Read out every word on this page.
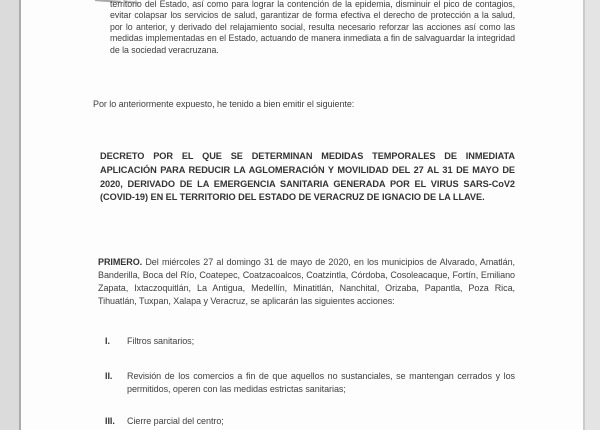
territorio del Estado, así como para lograr la contención de la epidemia, disminuir el pico de contagios, evitar colapsar los servicios de salud, garantizar de forma efectiva el derecho de protección a la salud, por lo anterior, y derivado del relajamiento social, resulta necesario reforzar las acciones así como las medidas implementadas en el Estado, actuando de manera inmediata a fin de salvaguardar la integridad de la sociedad veracruzana.
Por lo anteriormente expuesto, he tenido a bien emitir el siguiente:
DECRETO POR EL QUE SE DETERMINAN MEDIDAS TEMPORALES DE INMEDIATA APLICACIÓN PARA REDUCIR LA AGLOMERACIÓN Y MOVILIDAD DEL 27 AL 31 DE MAYO DE 2020, DERIVADO DE LA EMERGENCIA SANITARIA GENERADA POR EL VIRUS SARS-CoV2 (COVID-19) EN EL TERRITORIO DEL ESTADO DE VERACRUZ DE IGNACIO DE LA LLAVE.
PRIMERO. Del miércoles 27 al domingo 31 de mayo de 2020, en los municipios de Alvarado, Amatlán, Banderilla, Boca del Río, Coatepec, Coatzacoalcos, Coatzintla, Córdoba, Cosoleacaque, Fortín, Emiliano Zapata, Ixtaczoquitlán, La Antigua, Medellín, Minatitlán, Nanchital, Orizaba, Papantla, Poza Rica, Tihuatlán, Tuxpan, Xalapa y Veracruz, se aplicarán las siguientes acciones:
I. Filtros sanitarios;
II. Revisión de los comercios a fin de que aquellos no sustanciales, se mantengan cerrados y los permitidos, operen con las medidas estrictas sanitarias;
III. Cierre parcial del centro;
